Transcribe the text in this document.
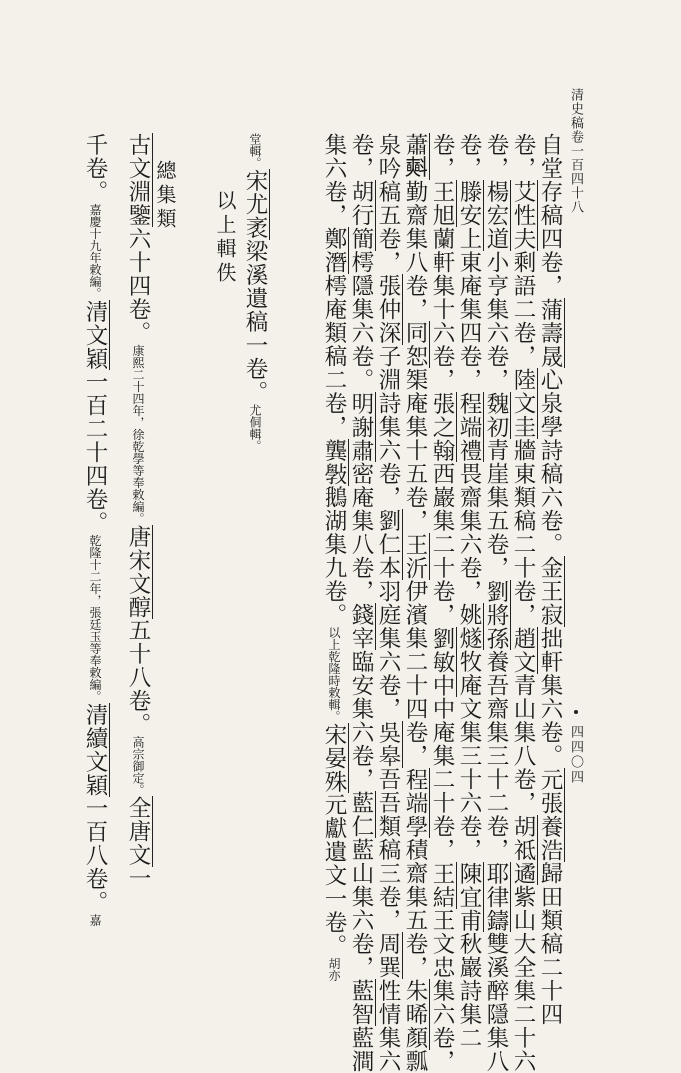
清史稿卷一百四十八
四四〇四
自堂存稿四卷，蒲壽晟心泉學詩稿六卷。金王寂拙軒集六卷。元張養浩歸田類稿二十四
卷，艾性夫剩語二卷，陸文圭牆東類稿二十卷，趙文青山集八卷，胡祗遹紫山大全集二十六
卷，楊宏道小亨集六卷，魏初青崖集五卷，劉將孫養吾齋集三十二卷，耶律鑄雙溪醉隱集八
卷，滕安上東庵集四卷，程端禮畏齋集六卷，姚燧牧庵文集三十六卷，陳宜甫秋巖詩集二
卷，王旭蘭軒集十六卷，張之翰西巖集二十卷，劉敏中中庵集二十卷，王結王文忠集六卷，
蕭𣂏勤齋集八卷，同恕榘庵集十五卷，王沂伊濱集二十四卷，程端學積齋集五卷，朱晞顏瓢
泉吟稿五卷，張仲深子淵詩集六卷，劉仁本羽庭集六卷，吳皋吾吾類稿三卷，周巽性情集六
卷，胡行簡樗隱集六卷。明謝肅密庵集八卷，錢宰臨安集六卷，藍仁藍山集六卷，藍智藍澗
集六卷，鄭潛樗庵類稿二卷，龔斅鵝湖集九卷。以上乾隆時敕輯。宋晏殊元獻遺文一卷。胡亦
堂輯。宋尤袤梁溪遺稿一卷。尤侗輯。
以上輯佚
總集類
古文淵鑒六十四卷。康熙二十四年，徐乾學等奉敕編。唐宋文醇五十八卷。高宗御定。全唐文一
千卷。嘉慶十九年敕編。清文穎一百二十四卷。乾隆十二年，張廷玉等奉敕編。清續文穎一百八卷。嘉
